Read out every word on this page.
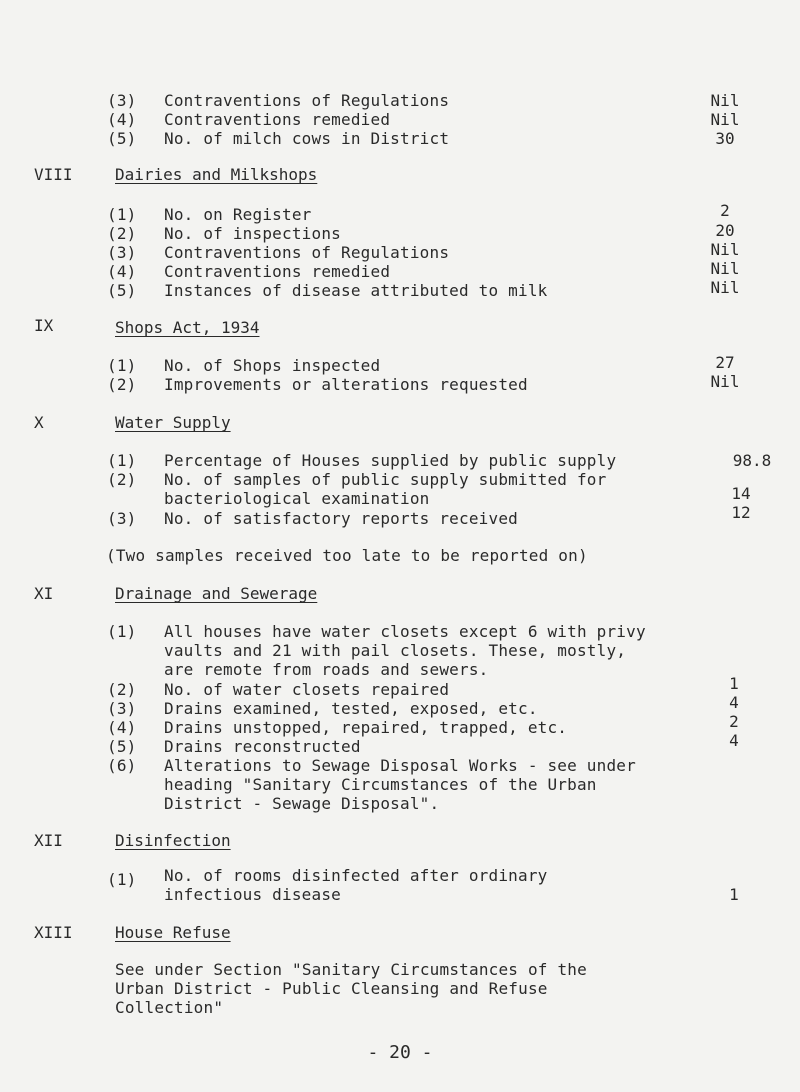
(3) Contraventions of Regulations	Nil
(4) Contraventions remedied	Nil
(5) No. of milch cows in District	30
VIII	Dairies and Milkshops
(1) No. on Register	2
(2) No. of inspections	20
(3) Contraventions of Regulations	Nil
(4) Contraventions remedied	Nil
(5) Instances of disease attributed to milk	Nil
IX	Shops Act, 1934
(1) No. of Shops inspected	27
(2) Improvements or alterations requested	Nil
X	Water Supply
(1) Percentage of Houses supplied by public supply	98.8
(2) No. of samples of public supply submitted for
bacteriological examination	14
(3) No. of satisfactory reports received	12
(Two samples received too late to be reported on)
XI	Drainage and Sewerage
(1) All houses have water closets except 6 with privy
vaults and 21 with pail closets. These, mostly,
are remote from roads and sewers.
(2) No. of water closets repaired	1
(3) Drains examined, tested, exposed, etc.	4
(4) Drains unstopped, repaired, trapped, etc.	2
(5) Drains reconstructed	4
(6) Alterations to Sewage Disposal Works - see under
heading "Sanitary Circumstances of the Urban
District - Sewage Disposal".
XII	Disinfection
(1) No. of rooms disinfected after ordinary
infectious disease	1
XIII	House Refuse
See under Section "Sanitary Circumstances of the
Urban District - Public Cleansing and Refuse
Collection"
- 20 -
